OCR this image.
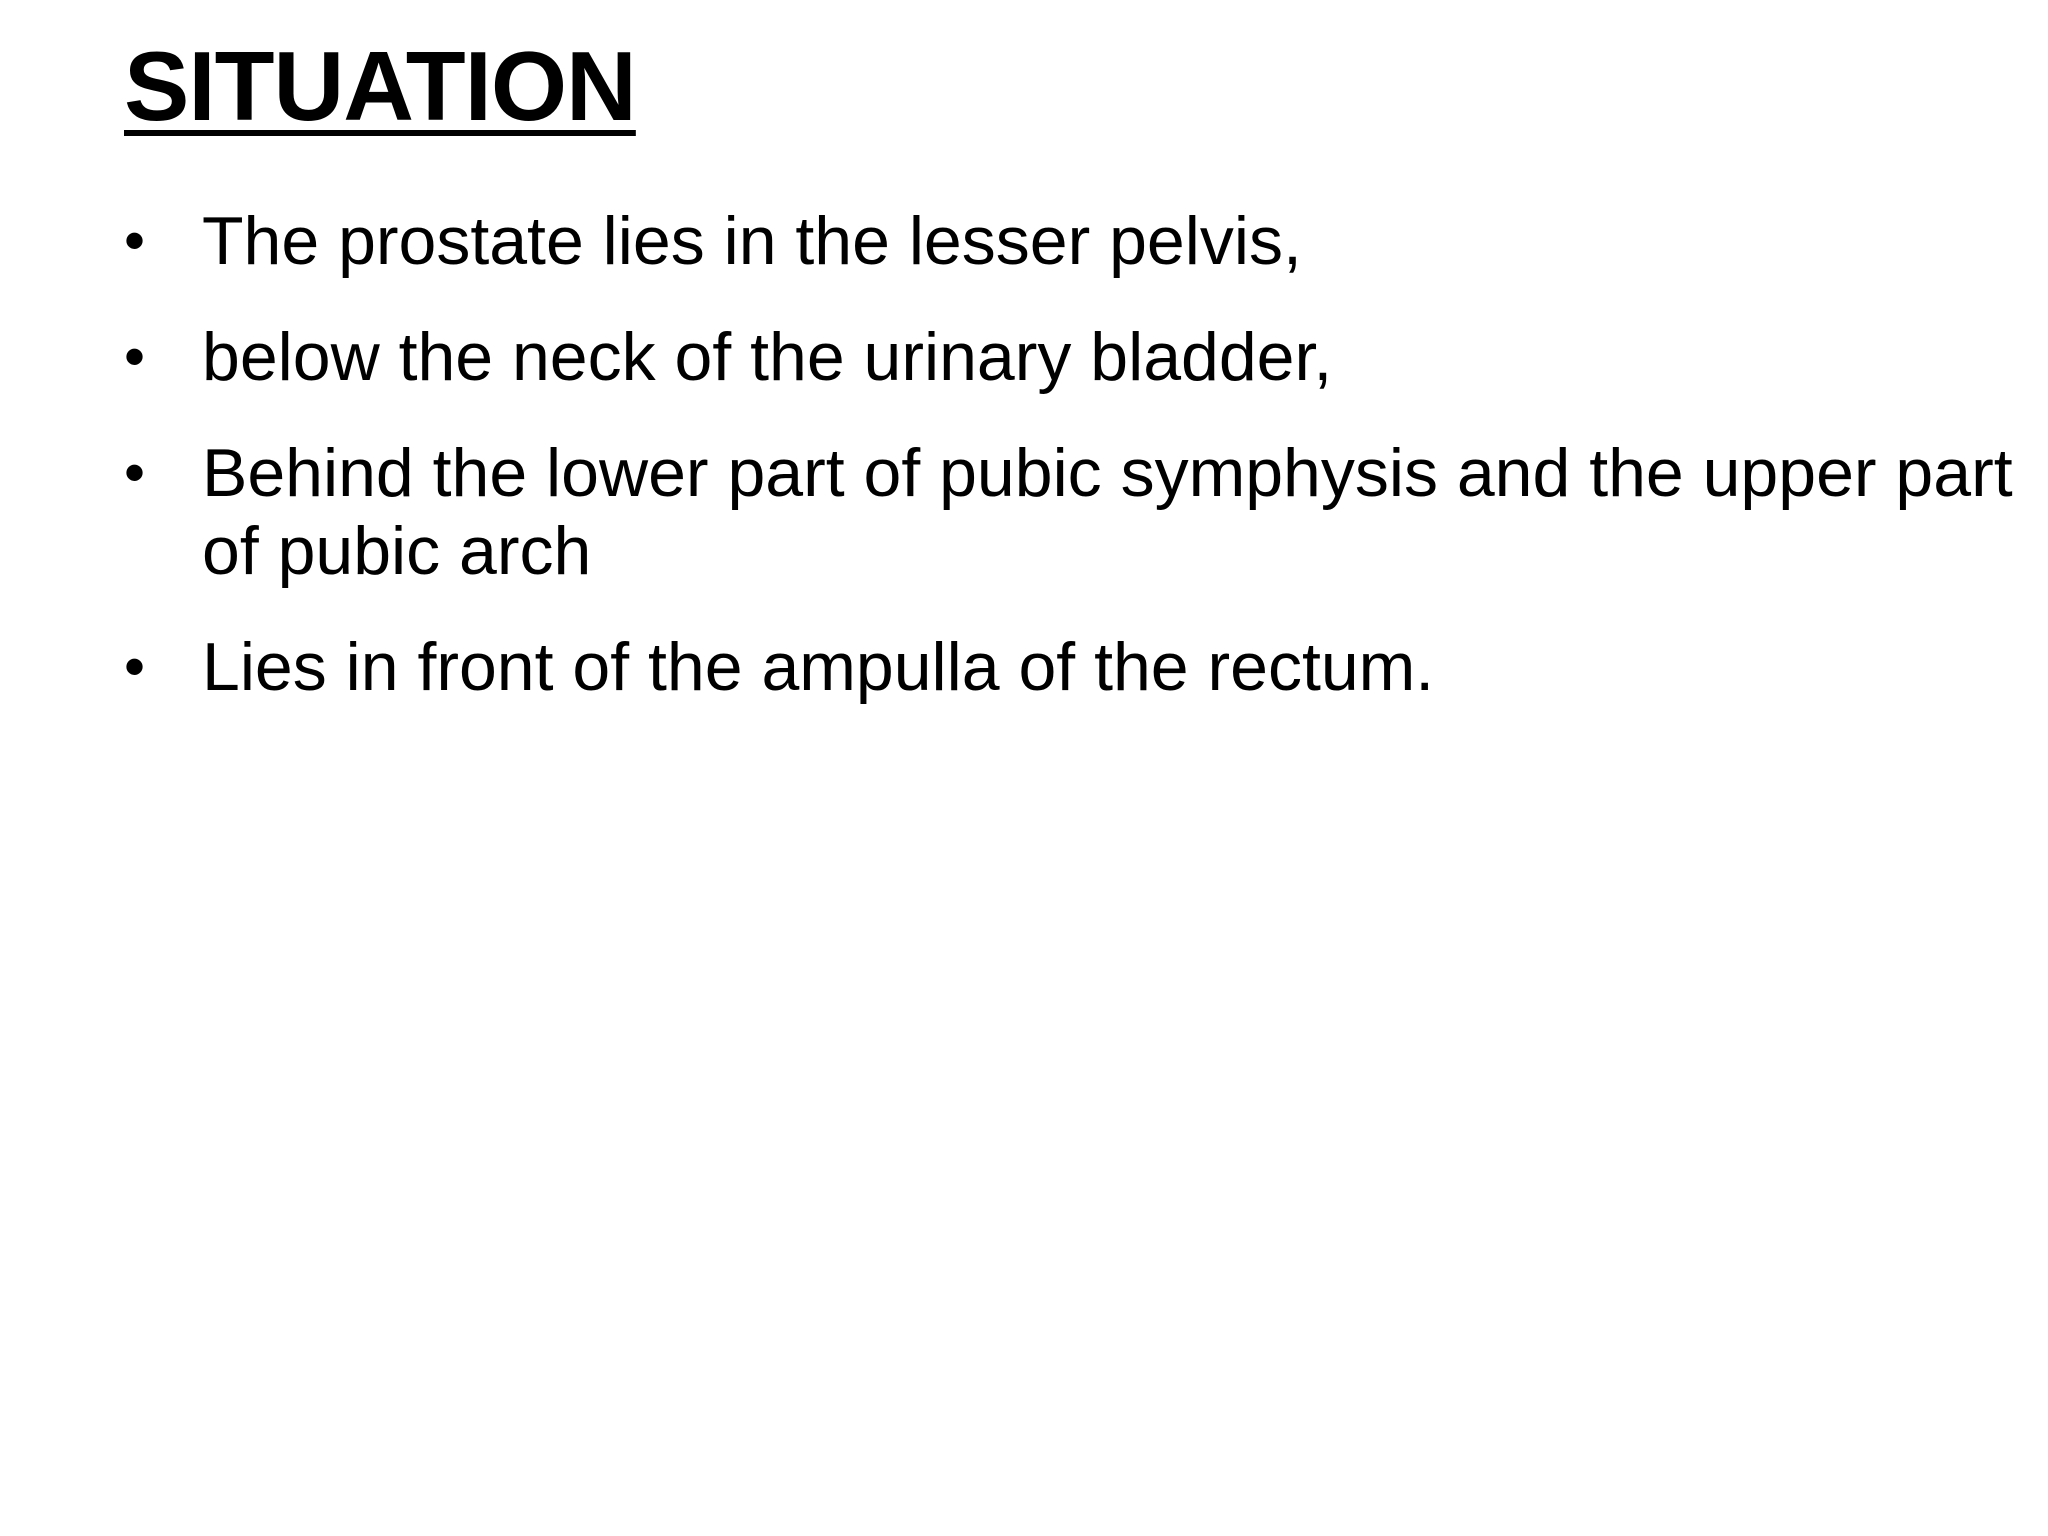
SITUATION
• The prostate lies in the lesser pelvis,
• below the neck of the urinary bladder,
• Behind the lower part of pubic symphysis and the upper part of pubic arch
• Lies in front of the ampulla of the rectum.
